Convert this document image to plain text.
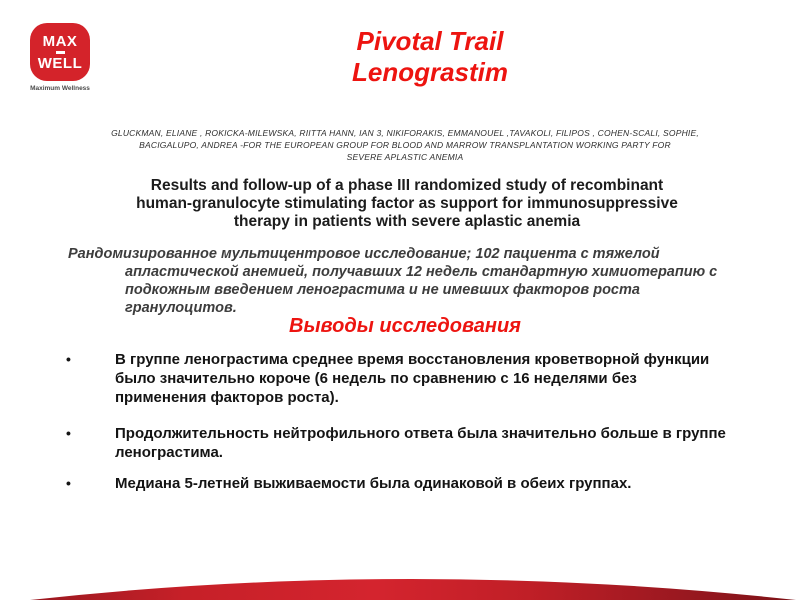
MAX
WELL
Maximum Wellness
Pivotal Trail
Lenograstim
GLUCKMAN, ELIANE , ROKICKA-MILEWSKA, RIITTA HANN, IAN 3, NIKIFORAKIS, EMMANOUEL ,TAVAKOLI, FILIPOS , COHEN-SCALI, SOPHIE,
BACIGALUPO, ANDREA -FOR THE EUROPEAN GROUP FOR BLOOD AND MARROW TRANSPLANTATION WORKING PARTY FOR
SEVERE APLASTIC ANEMIA
Results and follow-up of a phase III randomized study of recombinant
human-granulocyte stimulating factor as support for immunosuppressive
therapy in patients with severe aplastic anemia
Рандомизированное мультицентровое исследование; 102 пациента с тяжелой
апластической анемией, получавших 12 недель стандартную химиотерапию с
подкожным введением ленограстима и не имевших факторов роста
гранулоцитов.
Выводы исследования
•	В группе ленограстима среднее время восстановления кроветворной функции было значительно короче (6 недель по сравнению с 16 неделями без применения факторов роста).
•	Продолжительность нейтрофильного ответа была значительно больше в группе ленограстима.
•	Медиана 5-летней выживаемости была одинаковой в обеих группах.
